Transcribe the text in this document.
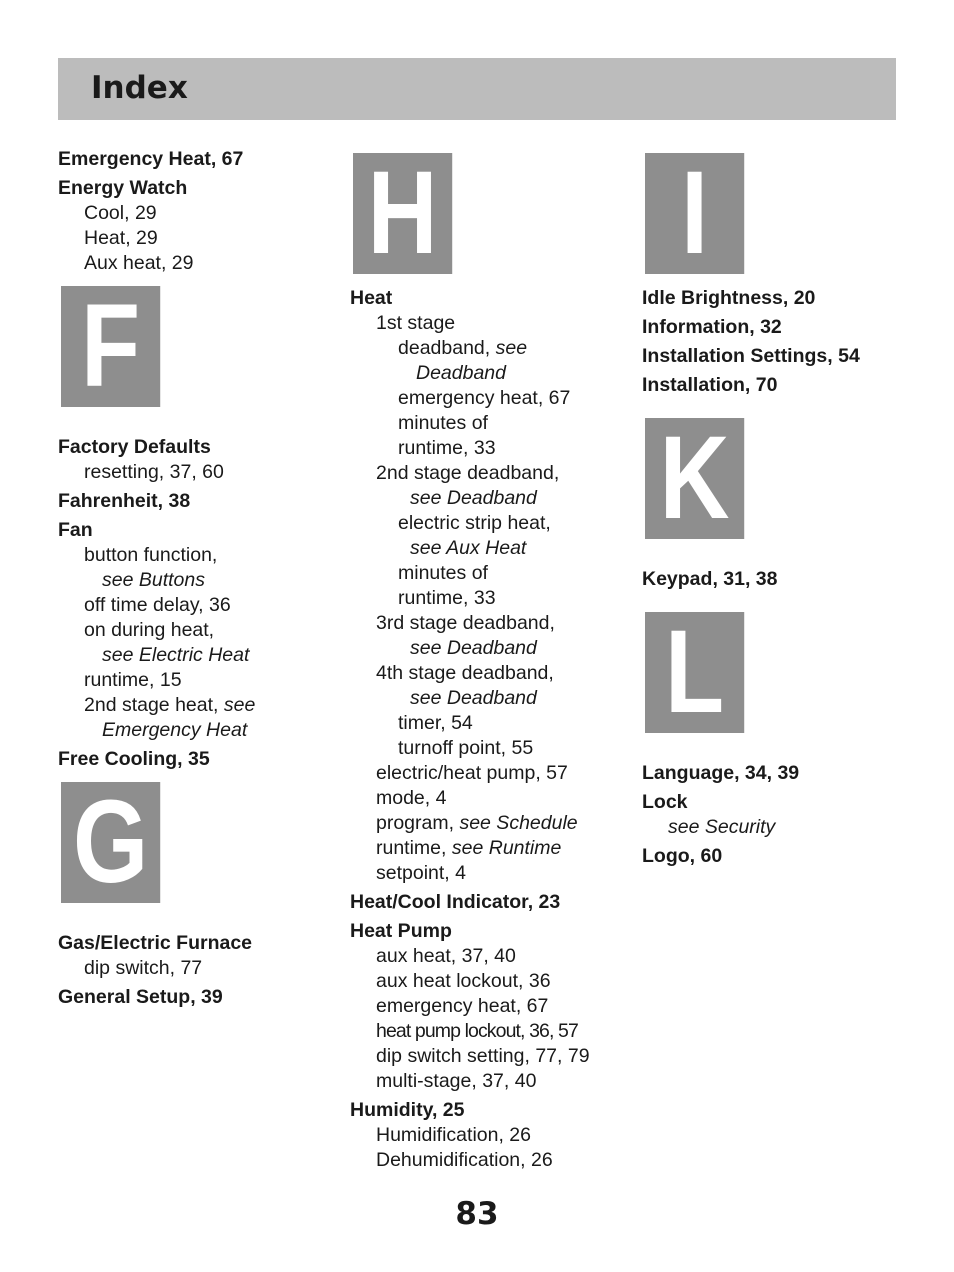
Index
Emergency Heat, 67
Energy Watch
Cool, 29
Heat, 29
Aux heat, 29
F
Factory Defaults
resetting, 37, 60
Fahrenheit, 38
Fan
button function,
see Buttons
off time delay, 36
on during heat,
see Electric Heat
runtime, 15
2nd stage heat, see
Emergency Heat
Free Cooling, 35
G
Gas/Electric Furnace
dip switch, 77
General Setup, 39
H
Heat
1st stage
deadband, see
Deadband
emergency heat, 67
minutes of
runtime, 33
2nd stage deadband,
see Deadband
electric strip heat,
see Aux Heat
minutes of
runtime, 33
3rd stage deadband,
see Deadband
4th stage deadband,
see Deadband
timer, 54
turnoff point, 55
electric/heat pump, 57
mode, 4
program, see Schedule
runtime, see Runtime
setpoint, 4
Heat/Cool Indicator, 23
Heat Pump
aux heat, 37, 40
aux heat lockout, 36
emergency heat, 67
heat pump lockout, 36, 57
dip switch setting, 77, 79
multi-stage, 37, 40
Humidity, 25
Humidification, 26
Dehumidification, 26
I
Idle Brightness, 20
Information, 32
Installation Settings, 54
Installation, 70
K
Keypad, 31, 38
L
Language, 34, 39
Lock
see Security
Logo, 60
83
